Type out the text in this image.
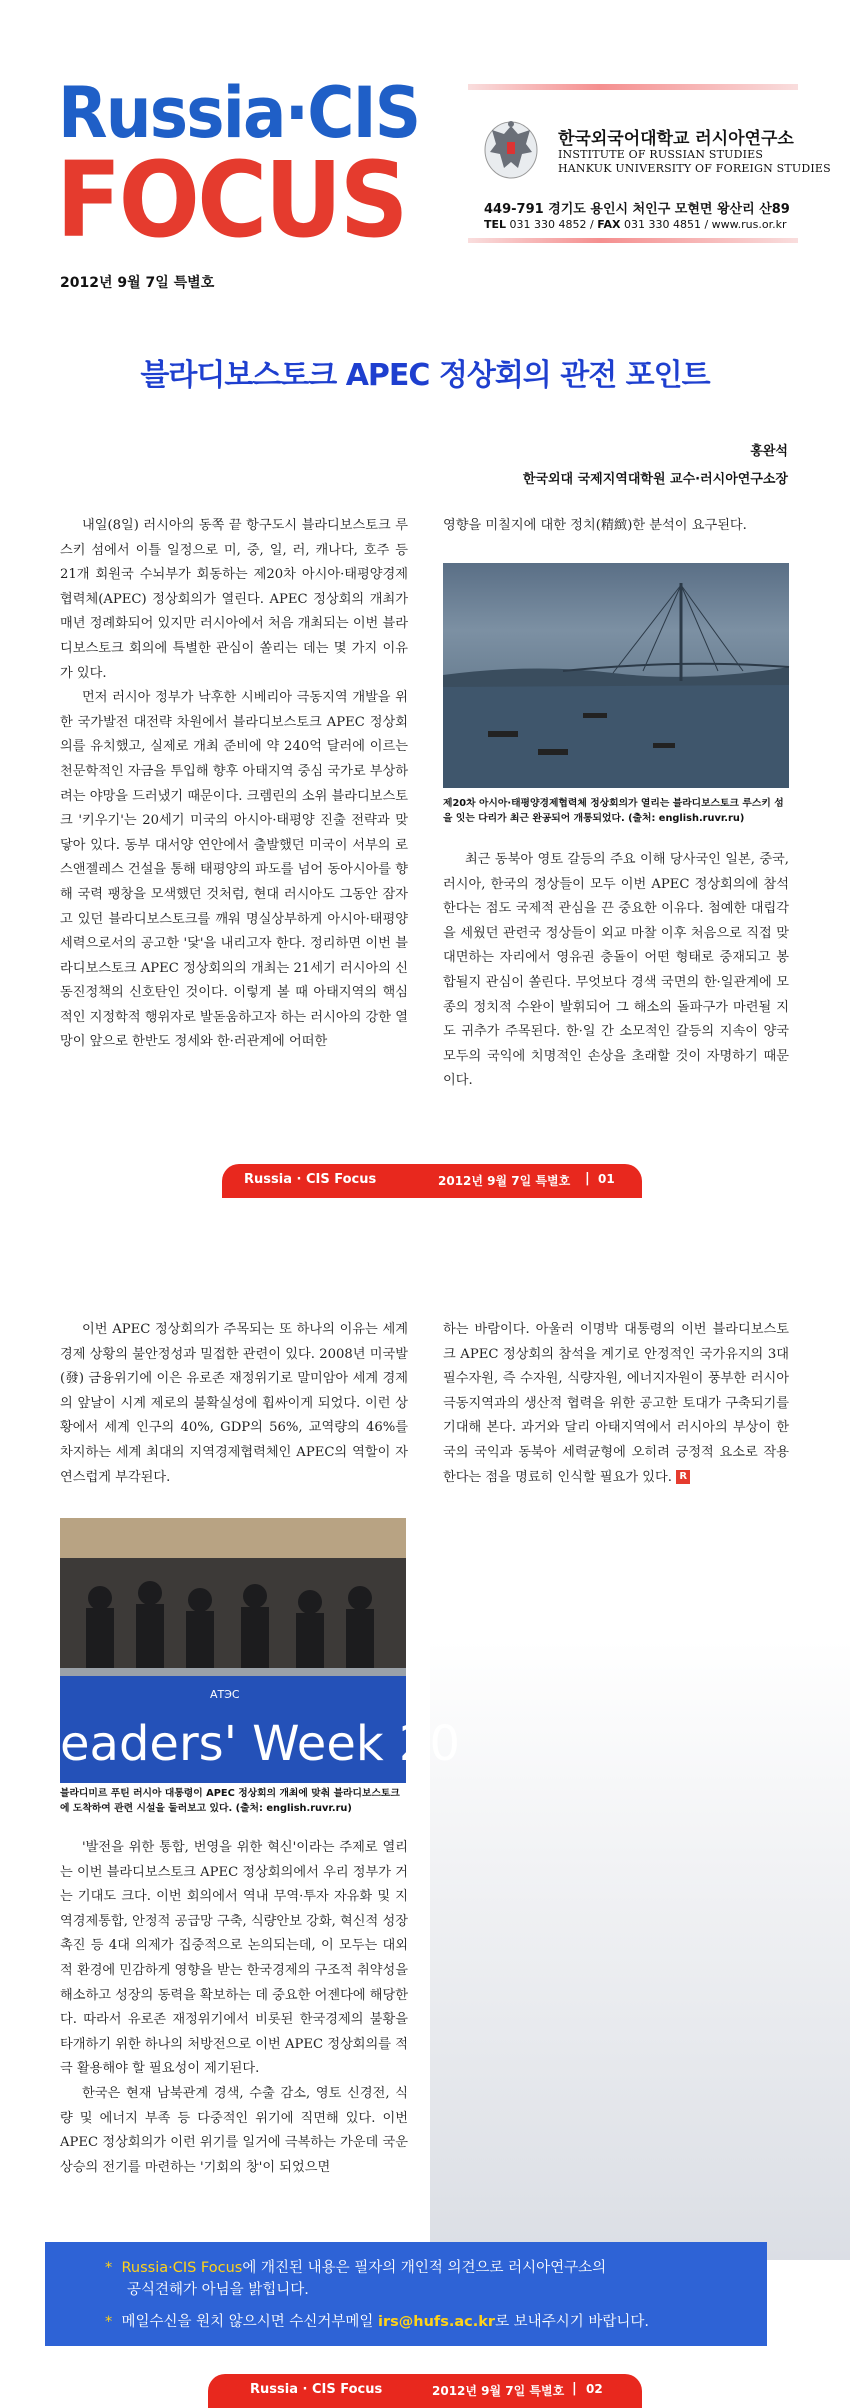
Russia·CIS
FOCUS
2012년 9월 7일 특별호
한국외국어대학교 러시아연구소
INSTITUTE OF RUSSIAN STUDIES
HANKUK UNIVERSITY OF FOREIGN STUDIES
449-791 경기도 용인시 처인구 모현면 왕산리 산89
TEL 031 330 4852 / FAX 031 330 4851 / www.rus.or.kr
블라디보스토크 APEC 정상회의 관전 포인트
홍완석
한국외대 국제지역대학원 교수·러시아연구소장

내일(8일) 러시아의 동쪽 끝 항구도시 블라디보스토크 루스키 섬에서 이틀 일정으로 미, 중, 일, 러, 캐나다, 호주 등 21개 회원국 수뇌부가 회동하는 제20차 아시아·태평양경제협력체(APEC) 정상회의가 열린다. APEC 정상회의 개최가 매년 정례화되어 있지만 러시아에서 처음 개최되는 이번 블라디보스토크 회의에 특별한 관심이 쏠리는 데는 몇 가지 이유가 있다.

먼저 러시아 정부가 낙후한 시베리아 극동지역 개발을 위한 국가발전 대전략 차원에서 블라디보스토크 APEC 정상회의를 유치했고, 실제로 개최 준비에 약 240억 달러에 이르는 천문학적인 자금을 투입해 향후 아태지역 중심 국가로 부상하려는 야망을 드러냈기 때문이다. 크렘린의 소위 블라디보스토크 '키우기'는 20세기 미국의 아시아·태평양 진출 전략과 맞닿아 있다. 동부 대서양 연안에서 출발했던 미국이 서부의 로스앤젤레스 건설을 통해 태평양의 파도를 넘어 동아시아를 향해 국력 팽창을 모색했던 것처럼, 현대 러시아도 그동안 잠자고 있던 블라디보스토크를 깨워 명실상부하게 아시아·태평양 세력으로서의 공고한 '닻'을 내리고자 한다. 정리하면 이번 블라디보스토크 APEC 정상회의의 개최는 21세기 러시아의 신 동진정책의 신호탄인 것이다. 이렇게 볼 때 아태지역의 핵심적인 지정학적 행위자로 발돋움하고자 하는 러시아의 강한 열망이 앞으로 한반도 정세와 한·러관계에 어떠한

영향을 미칠지에 대한 정치(精緻)한 분석이 요구된다.

제20차 아시아·태평양경제협력체 정상회의가 열리는 블라디보스토크 루스키 섬을 잇는 다리가 최근 완공되어 개통되었다. (출처: english.ruvr.ru)

최근 동북아 영토 갈등의 주요 이해 당사국인 일본, 중국, 러시아, 한국의 정상들이 모두 이번 APEC 정상회의에 참석한다는 점도 국제적 관심을 끈 중요한 이유다. 첨예한 대립각을 세웠던 관련국 정상들이 외교 마찰 이후 처음으로 직접 맞대면하는 자리에서 영유권 충돌이 어떤 형태로 중재되고 봉합될지 관심이 쏠린다. 무엇보다 경색 국면의 한·일관계에 모종의 정치적 수완이 발휘되어 그 해소의 돌파구가 마련될 지도 귀추가 주목된다. 한·일 간 소모적인 갈등의 지속이 양국 모두의 국익에 치명적인 손상을 초래할 것이 자명하기 때문이다.

Russia · CIS Focus	2012년 9월 7일 특별호 | 01

이번 APEC 정상회의가 주목되는 또 하나의 이유는 세계경제 상황의 불안정성과 밀접한 관련이 있다. 2008년 미국발(發) 금융위기에 이은 유로존 재정위기로 말미암아 세계 경제의 앞날이 시계 제로의 불확실성에 휩싸이게 되었다. 이런 상황에서 세계 인구의 40%, GDP의 56%, 교역량의 46%를 차지하는 세계 최대의 지역경제협력체인 APEC의 역할이 자연스럽게 부각된다.

АТЭС
eaders' Week 20
블라디미르 푸틴 러시아 대통령이 APEC 정상회의 개최에 맞춰 블라디보스토크에 도착하여 관련 시설을 둘러보고 있다. (출처: english.ruvr.ru)

'발전을 위한 통합, 번영을 위한 혁신'이라는 주제로 열리는 이번 블라디보스토크 APEC 정상회의에서 우리 정부가 거는 기대도 크다. 이번 회의에서 역내 무역·투자 자유화 및 지역경제통합, 안정적 공급망 구축, 식량안보 강화, 혁신적 성장 촉진 등 4대 의제가 집중적으로 논의되는데, 이 모두는 대외적 환경에 민감하게 영향을 받는 한국경제의 구조적 취약성을 해소하고 성장의 동력을 확보하는 데 중요한 어젠다에 해당한다. 따라서 유로존 재정위기에서 비롯된 한국경제의 불황을 타개하기 위한 하나의 처방전으로 이번 APEC 정상회의를 적극 활용해야 할 필요성이 제기된다.

한국은 현재 남북관계 경색, 수출 감소, 영토 신경전, 식량 및 에너지 부족 등 다중적인 위기에 직면해 있다. 이번 APEC 정상회의가 이런 위기를 일거에 극복하는 가운데 국운 상승의 전기를 마련하는 '기회의 창'이 되었으면

하는 바람이다. 아울러 이명박 대통령의 이번 블라디보스토크 APEC 정상회의 참석을 계기로 안정적인 국가유지의 3대 필수자원, 즉 수자원, 식량자원, 에너지자원이 풍부한 러시아 극동지역과의 생산적 협력을 위한 공고한 토대가 구축되기를 기대해 본다. 과거와 달리 아태지역에서 러시아의 부상이 한국의 국익과 동북아 세력균형에 오히려 긍정적 요소로 작용한다는 점을 명료히 인식할 필요가 있다. R

* Russia·CIS Focus에 개진된 내용은 필자의 개인적 의견으로 러시아연구소의
공식견해가 아님을 밝힙니다.
* 메일수신을 원치 않으시면 수신거부메일 irs@hufs.ac.kr로 보내주시기 바랍니다.
Russia · CIS Focus	2012년 9월 7일 특별호 | 02
